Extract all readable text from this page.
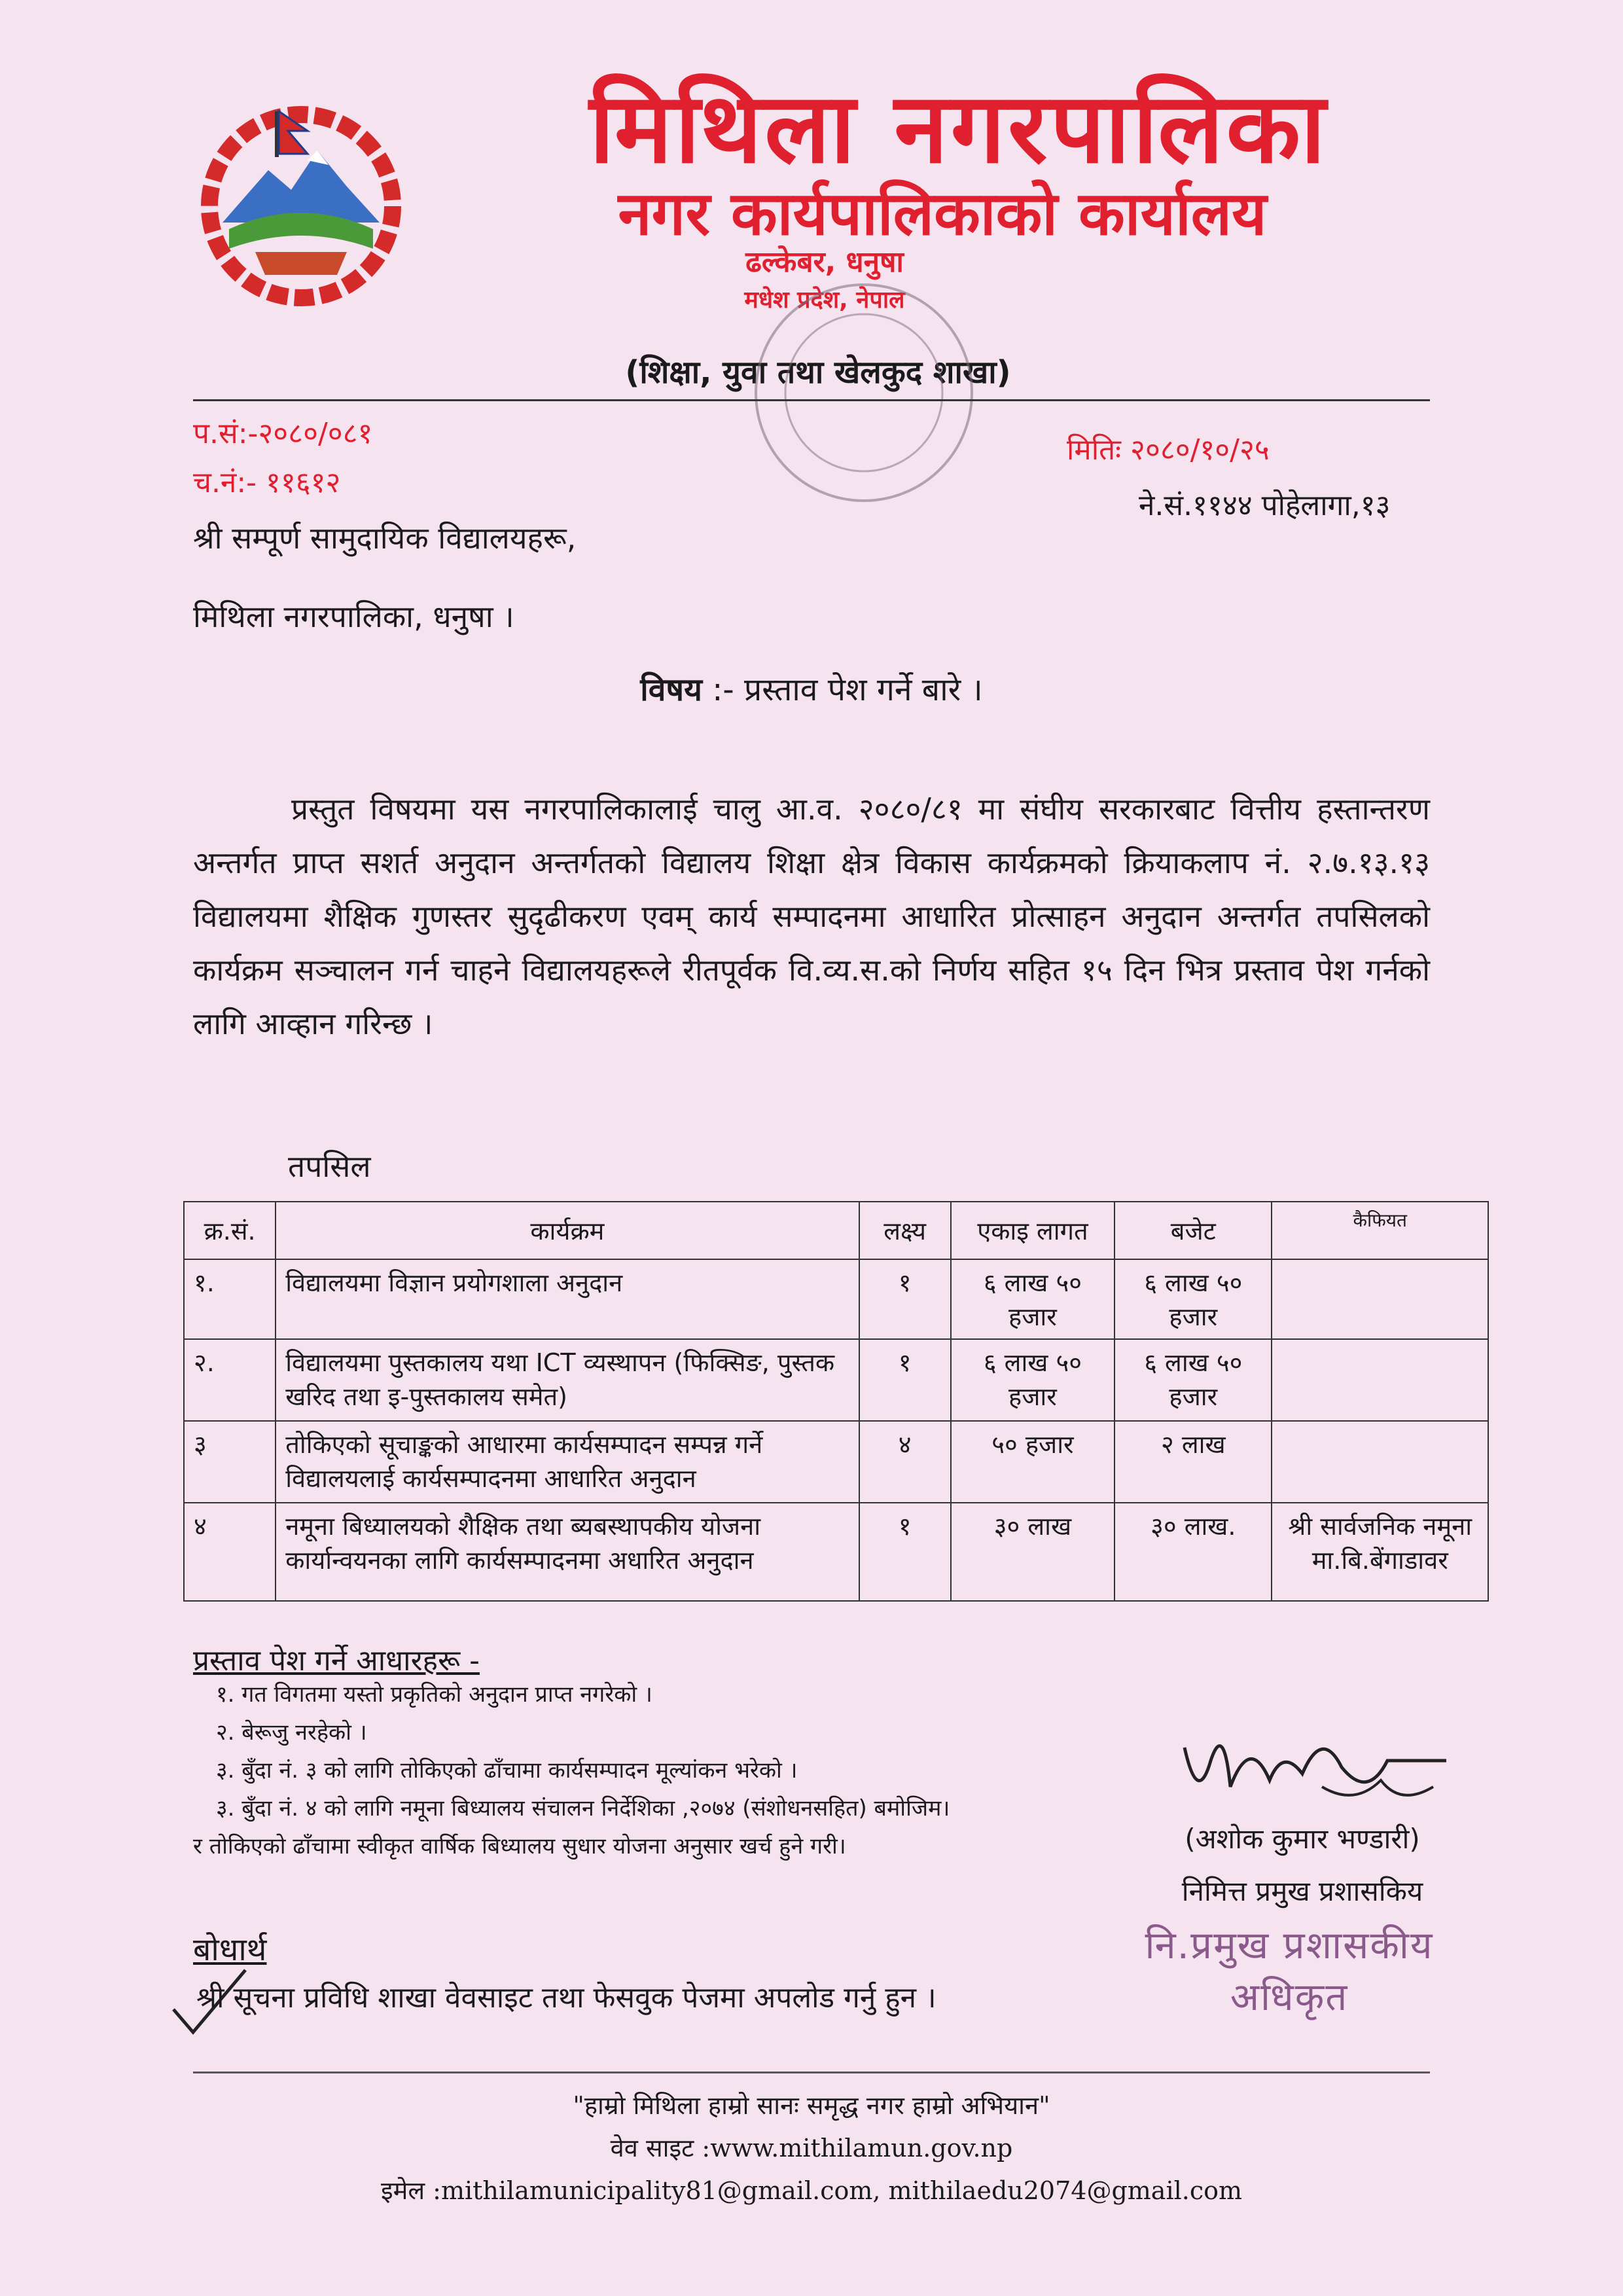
मिथिला नगरपालिका
नगर कार्यपालिकाको कार्यालय
ढल्केबर, धनुषा
मधेश प्रदेश, नेपाल
(शिक्षा, युवा तथा खेलकुद शाखा)
प.सं:-२०८०/०८१
च.नं:- ११६१२
मितिः २०८०/१०/२५
ने.सं.११४४ पोहेलागा,१३
श्री सम्पूर्ण सामुदायिक विद्यालयहरू,
मिथिला नगरपालिका, धनुषा ।
विषय :- प्रस्ताव पेश गर्ने बारे ।
प्रस्तुत विषयमा यस नगरपालिकालाई चालु आ.व. २०८०/८१ मा संघीय सरकारबाट वित्तीय हस्तान्तरण अन्तर्गत प्राप्त सशर्त अनुदान अन्तर्गतको विद्यालय शिक्षा क्षेत्र विकास कार्यक्रमको क्रियाकलाप नं. २.७.१३.१३ विद्यालयमा शैक्षिक गुणस्तर सुदृढीकरण एवम् कार्य सम्पादनमा आधारित प्रोत्साहन अनुदान अन्तर्गत तपसिलको कार्यक्रम सञ्चालन गर्न चाहने विद्यालयहरूले रीतपूर्वक वि.व्य.स.को निर्णय सहित १५ दिन भित्र प्रस्ताव पेश गर्नको लागि आव्हान गरिन्छ ।
तपसिल
क्र.सं.	कार्यक्रम	लक्ष्य	एकाइ लागत	बजेट	कैफियत
१.	विद्यालयमा विज्ञान प्रयोगशाला अनुदान	१	६ लाख ५० हजार	६ लाख ५० हजार	
२.	विद्यालयमा पुस्तकालय यथा ICT व्यस्थापन (फिक्सिङ, पुस्तक खरिद तथा इ-पुस्तकालय समेत)	१	६ लाख ५० हजार	६ लाख ५० हजार	
३	तोकिएको सूचाङ्कको आधारमा कार्यसम्पादन सम्पन्न गर्ने विद्यालयलाई कार्यसम्पादनमा आधारित अनुदान	४	५० हजार	२ लाख	
४	नमूना बिध्यालयको शैक्षिक तथा ब्यबस्थापकीय योजना कार्यान्वयनका लागि कार्यसम्पादनमा अधारित अनुदान	१	३० लाख	३० लाख.	श्री सार्वजनिक नमूना मा.बि.बेंगाडावर
प्रस्ताव पेश गर्ने आधारहरू -
१. गत विगतमा यस्तो प्रकृतिको अनुदान प्राप्त नगरेको ।
२. बेरूजु नरहेको ।
३. बुँदा नं. ३ को लागि तोकिएको ढाँचामा कार्यसम्पादन मूल्यांकन भरेको ।
३. बुँदा नं. ४ को लागि नमूना बिध्यालय संचालन निर्देशिका ,२०७४ (संशोधनसहित) बमोजिम।
र तोकिएको ढाँचामा स्वीकृत वार्षिक बिध्यालय सुधार योजना अनुसार खर्च हुने गरी।	(अशोक कुमार भण्डारी)
निमित्त प्रमुख प्रशासकिय
नि.प्रमुख प्रशासकीय अधिकृत
बोधार्थ
श्री सूचना प्रविधि शाखा वेवसाइट तथा फेसवुक पेजमा अपलोड गर्नु हुन ।
"हाम्रो मिथिला हाम्रो सानः समृद्ध नगर हाम्रो अभियान"
वेव साइट :www.mithilamun.gov.np
इमेल :mithilamunicipality81@gmail.com, mithilaedu2074@gmail.com
